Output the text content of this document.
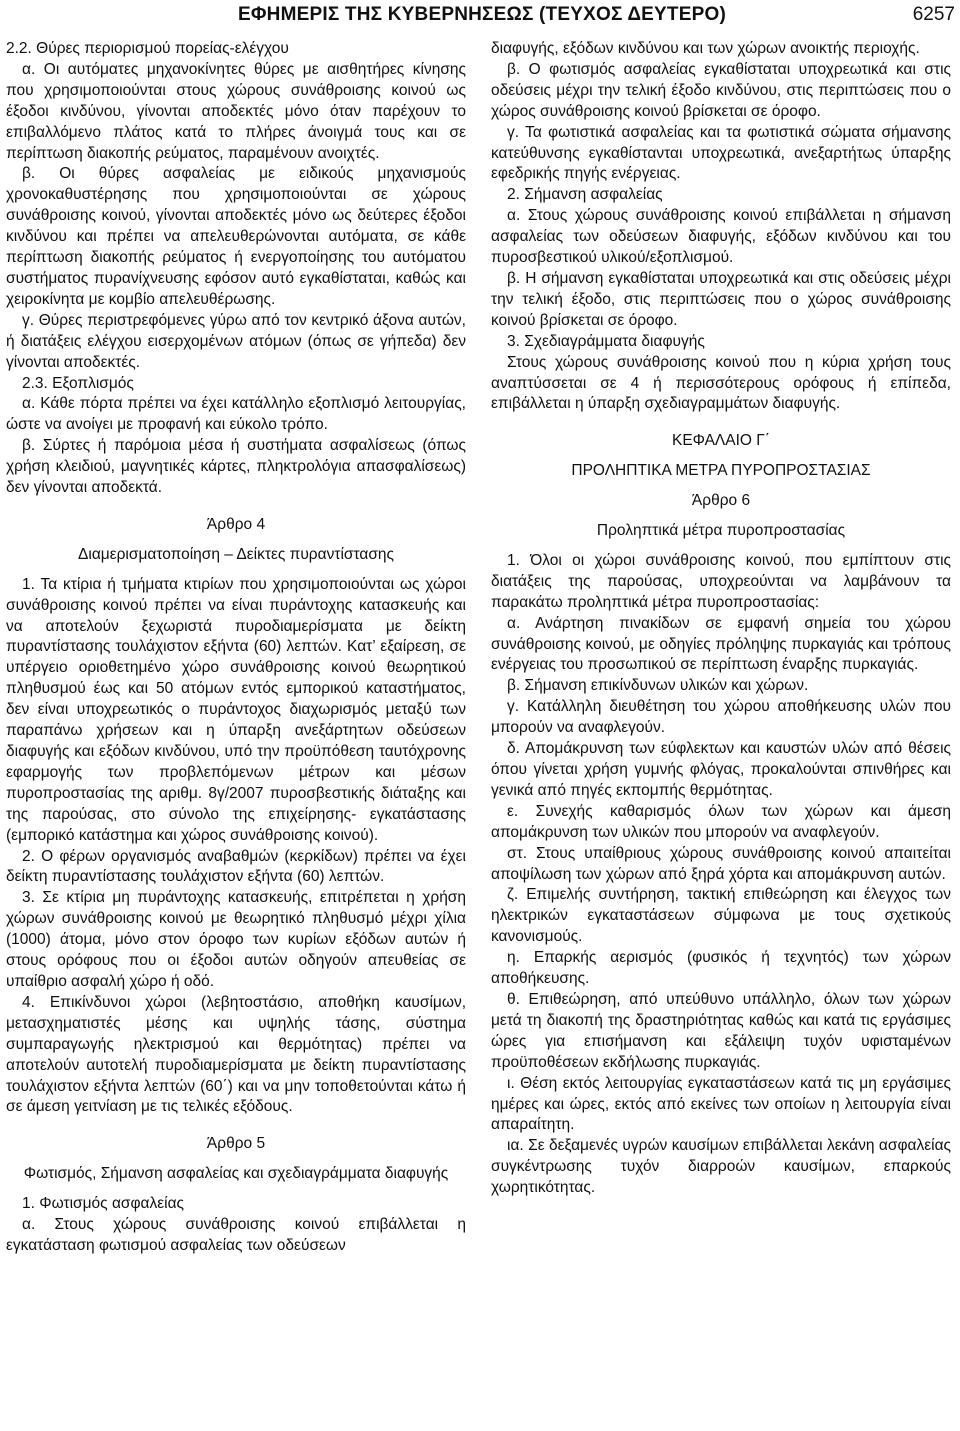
ΕΦΗΜΕΡΙΣ ΤΗΣ ΚΥΒΕΡΝΗΣΕΩΣ (ΤΕΥΧΟΣ ΔΕΥΤΕΡΟ)	6257

2.2. Θύρες περιορισμού πορείας-ελέγχου

α. Οι αυτόματες μηχανοκίνητες θύρες με αισθητήρες κίνησης που χρησιμοποιούνται στους χώρους συνάθροισης κοινού ως έξοδοι κινδύνου, γίνονται αποδεκτές μόνο όταν παρέχουν το επιβαλλόμενο πλάτος κατά το πλήρες άνοιγμά τους και σε περίπτωση διακοπής ρεύματος, παραμένουν ανοιχτές.

β. Οι θύρες ασφαλείας με ειδικούς μηχανισμούς χρονοκαθυστέρησης που χρησιμοποιούνται σε χώρους συνάθροισης κοινού, γίνονται αποδεκτές μόνο ως δεύτερες έξοδοι κινδύνου και πρέπει να απελευθερώνονται αυτόματα, σε κάθε περίπτωση διακοπής ρεύματος ή ενεργοποίησης του αυτόματου συστήματος πυρανίχνευσης εφόσον αυτό εγκαθίσταται, καθώς και χειροκίνητα με κομβίο απελευθέρωσης.

γ. Θύρες περιστρεφόμενες γύρω από τον κεντρικό άξονα αυτών, ή διατάξεις ελέγχου εισερχομένων ατόμων (όπως σε γήπεδα) δεν γίνονται αποδεκτές.

2.3. Εξοπλισμός

α. Κάθε πόρτα πρέπει να έχει κατάλληλο εξοπλισμό λειτουργίας, ώστε να ανοίγει με προφανή και εύκολο τρόπο.

β. Σύρτες ή παρόμοια μέσα ή συστήματα ασφαλίσεως (όπως χρήση κλειδιού, μαγνητικές κάρτες, πληκτρολόγια απασφαλίσεως) δεν γίνονται αποδεκτά.

Άρθρο 4

Διαμερισματοποίηση – Δείκτες πυραντίστασης

1. Τα κτίρια ή τμήματα κτιρίων που χρησιμοποιούνται ως χώροι συνάθροισης κοινού πρέπει να είναι πυράντοχης κατασκευής και να αποτελούν ξεχωριστά πυροδιαμερίσματα με δείκτη πυραντίστασης τουλάχιστον εξήντα (60) λεπτών. Κατ’ εξαίρεση, σε υπέργειο οριοθετημένο χώρο συνάθροισης κοινού θεωρητικού πληθυσμού έως και 50 ατόμων εντός εμπορικού καταστήματος, δεν είναι υποχρεωτικός ο πυράντοχος διαχωρισμός μεταξύ των παραπάνω χρήσεων και η ύπαρξη ανεξάρτητων οδεύσεων διαφυγής και εξόδων κινδύνου, υπό την προϋπόθεση ταυτόχρονης εφαρμογής των προβλεπόμενων μέτρων και μέσων πυροπροστασίας της αριθμ. 8γ/2007 πυροσβεστικής διάταξης και της παρούσας, στο σύνολο της επιχείρησης- εγκατάστασης (εμπορικό κατάστημα και χώρος συνάθροισης κοινού).

2. Ο φέρων οργανισμός αναβαθμών (κερκίδων) πρέπει να έχει δείκτη πυραντίστασης τουλάχιστον εξήντα (60) λεπτών.

3. Σε κτίρια μη πυράντοχης κατασκευής, επιτρέπεται η χρήση χώρων συνάθροισης κοινού με θεωρητικό πληθυσμό μέχρι χίλια (1000) άτομα, μόνο στον όροφο των κυρίων εξόδων αυτών ή στους ορόφους που οι έξοδοι αυτών οδηγούν απευθείας σε υπαίθριο ασφαλή χώρο ή οδό.

4. Επικίνδυνοι χώροι (λεβητοστάσιο, αποθήκη καυσίμων, μετασχηματιστές μέσης και υψηλής τάσης, σύστημα συμπαραγωγής ηλεκτρισμού και θερμότητας) πρέπει να αποτελούν αυτοτελή πυροδιαμερίσματα με δείκτη πυραντίστασης τουλάχιστον εξήντα λεπτών (60΄) και να μην τοποθετούνται κάτω ή σε άμεση γειτνίαση με τις τελικές εξόδους.

Άρθρο 5

Φωτισμός, Σήμανση ασφαλείας και σχεδιαγράμματα διαφυγής

1. Φωτισμός ασφαλείας

α. Στους χώρους συνάθροισης κοινού επιβάλλεται η εγκατάσταση φωτισμού ασφαλείας των οδεύσεων

διαφυγής, εξόδων κινδύνου και των χώρων ανοικτής περιοχής.

β. Ο φωτισμός ασφαλείας εγκαθίσταται υποχρεωτικά και στις οδεύσεις μέχρι την τελική έξοδο κινδύνου, στις περιπτώσεις που ο χώρος συνάθροισης κοινού βρίσκεται σε όροφο.

γ. Τα φωτιστικά ασφαλείας και τα φωτιστικά σώματα σήμανσης κατεύθυνσης εγκαθίστανται υποχρεωτικά, ανεξαρτήτως ύπαρξης εφεδρικής πηγής ενέργειας.

2. Σήμανση ασφαλείας

α. Στους χώρους συνάθροισης κοινού επιβάλλεται η σήμανση ασφαλείας των οδεύσεων διαφυγής, εξόδων κινδύνου και του πυροσβεστικού υλικού/εξοπλισμού.

β. Η σήμανση εγκαθίσταται υποχρεωτικά και στις οδεύσεις μέχρι την τελική έξοδο, στις περιπτώσεις που ο χώρος συνάθροισης κοινού βρίσκεται σε όροφο.

3. Σχεδιαγράμματα διαφυγής

Στους χώρους συνάθροισης κοινού που η κύρια χρήση τους αναπτύσσεται σε 4 ή περισσότερους ορόφους ή επίπεδα, επιβάλλεται η ύπαρξη σχεδιαγραμμάτων διαφυγής.

ΚΕΦΑΛΑΙΟ Γ΄

ΠΡΟΛΗΠΤΙΚΑ ΜΕΤΡΑ ΠΥΡΟΠΡΟΣΤΑΣΙΑΣ

Άρθρο 6

Προληπτικά μέτρα πυροπροστασίας

1. Όλοι οι χώροι συνάθροισης κοινού, που εμπίπτουν στις διατάξεις της παρούσας, υποχρεούνται να λαμβάνουν τα παρακάτω προληπτικά μέτρα πυροπροστασίας:

α. Ανάρτηση πινακίδων σε εμφανή σημεία του χώρου συνάθροισης κοινού, με οδηγίες πρόληψης πυρκαγιάς και τρόπους ενέργειας του προσωπικού σε περίπτωση έναρξης πυρκαγιάς.

β. Σήμανση επικίνδυνων υλικών και χώρων.

γ. Κατάλληλη διευθέτηση του χώρου αποθήκευσης υλών που μπορούν να αναφλεγούν.

δ. Απομάκρυνση των εύφλεκτων και καυστών υλών από θέσεις όπου γίνεται χρήση γυμνής φλόγας, προκαλούνται σπινθήρες και γενικά από πηγές εκπομπής θερμότητας.

ε. Συνεχής καθαρισμός όλων των χώρων και άμεση απομάκρυνση των υλικών που μπορούν να αναφλεγούν.

στ. Στους υπαίθριους χώρους συνάθροισης κοινού απαιτείται αποψίλωση των χώρων από ξηρά χόρτα και απομάκρυνση αυτών.

ζ. Επιμελής συντήρηση, τακτική επιθεώρηση και έλεγχος των ηλεκτρικών εγκαταστάσεων σύμφωνα με τους σχετικούς κανονισμούς.

η. Επαρκής αερισμός (φυσικός ή τεχνητός) των χώρων αποθήκευσης.

θ. Επιθεώρηση, από υπεύθυνο υπάλληλο, όλων των χώρων μετά τη διακοπή της δραστηριότητας καθώς και κατά τις εργάσιμες ώρες για επισήμανση και εξάλειψη τυχόν υφισταμένων προϋποθέσεων εκδήλωσης πυρκαγιάς.

ι. Θέση εκτός λειτουργίας εγκαταστάσεων κατά τις μη εργάσιμες ημέρες και ώρες, εκτός από εκείνες των οποίων η λειτουργία είναι απαραίτητη.

ια. Σε δεξαμενές υγρών καυσίμων επιβάλλεται λεκάνη ασφαλείας συγκέντρωσης τυχόν διαρροών καυσίμων, επαρκούς χωρητικότητας.
